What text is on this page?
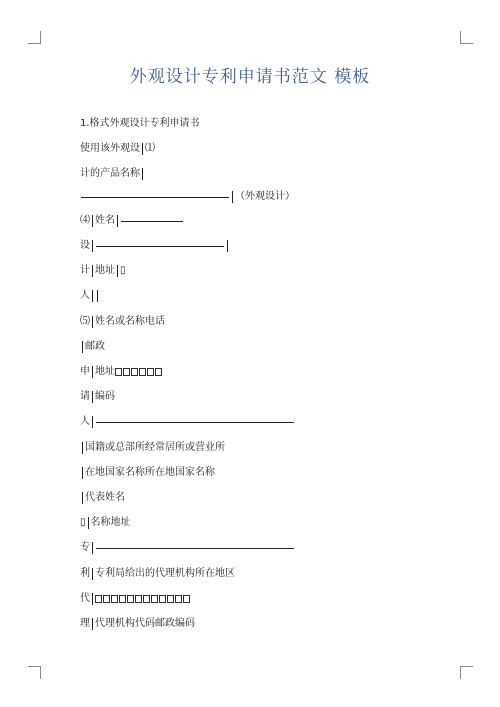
外观设计专利申请书范文 模板
1.格式外观设计专利申请书
使用该外观设 ⑴
计的产品名称
（外观设计）
⑷ 姓名
设
计 地址 ▯
人
⑸ 姓名或名称电话
邮政
申 地址
请 编码
人
国籍或总部所经常居所或营业所
在地国家名称所在地国家名称
代表姓名
▯ 名称地址
专
利 专利局给出的代理机构所在地区
代
理 代理机构代码邮政编码
